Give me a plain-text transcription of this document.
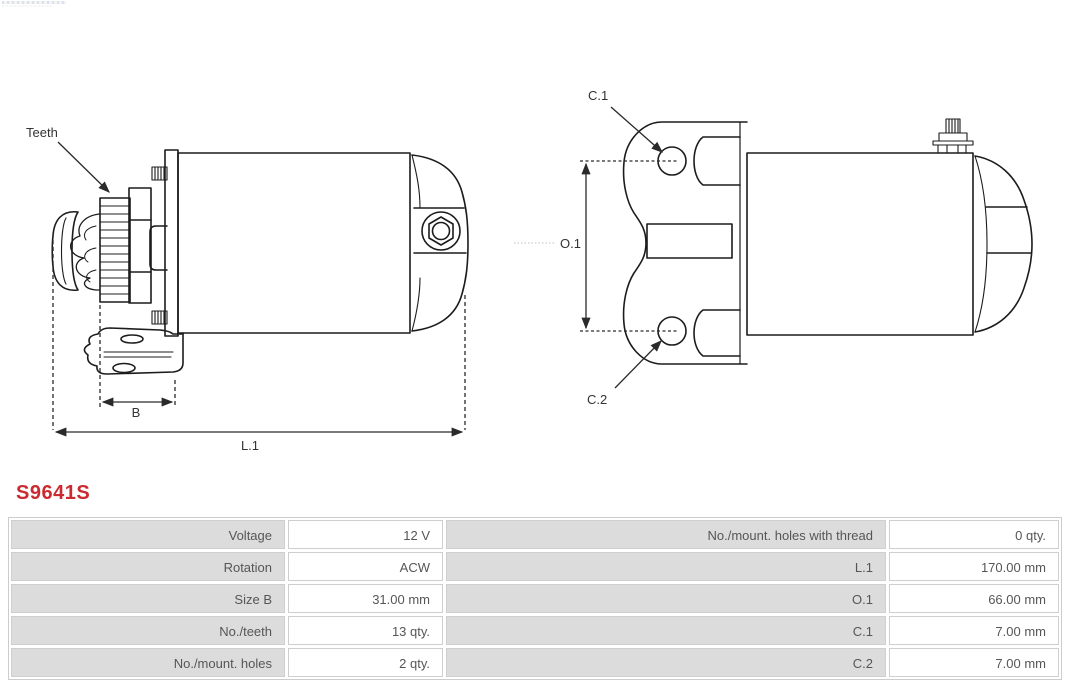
Teeth
B
L.1
C.1
O.1
C.2
S9641S
Voltage	12 V	No./mount. holes with thread	0 qty.
Rotation	ACW	L.1	170.00 mm
Size B	31.00 mm	O.1	66.00 mm
No./teeth	13 qty.	C.1	7.00 mm
No./mount. holes	2 qty.	C.2	7.00 mm
